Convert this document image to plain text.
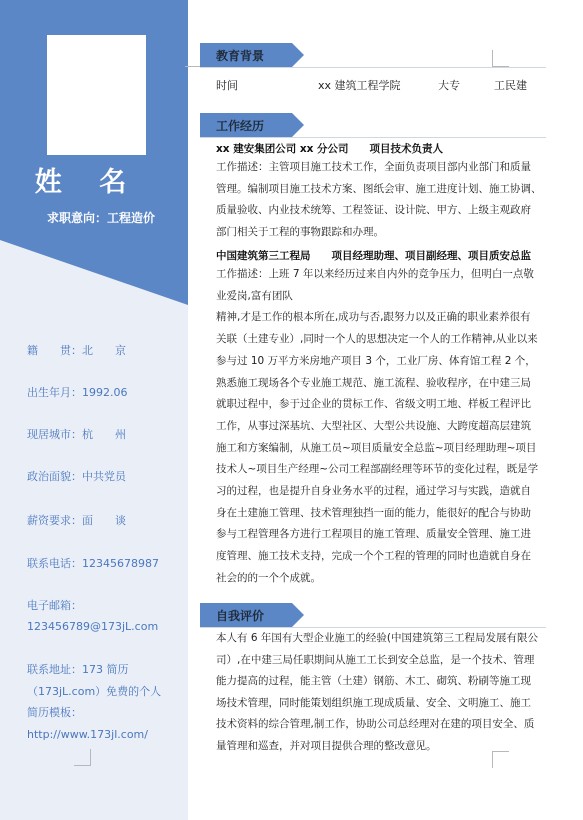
姓 名
求职意向：工程造价
籍　　贯：北　　京
出生年月：1992.06
现居城市：杭　　州
政治面貌：中共党员
薪资要求：面　　谈
联系电话：12345678987
电子邮箱：
123456789@173jL.com
联系地址：173 简历
（173jL.com）免费的个人
简历模板：
http://www.173jl.com/
教育背景
时间	xx 建筑工程学院	大专	工民建
工作经历
xx 建安集团公司 xx 分公司　　项目技术负责人
工作描述：主管项目施工技术工作，全面负责项目部内业部门和质量
管理。编制项目施工技术方案、图纸会审、施工进度计划、施工协调、
质量验收、内业技术统筹、工程签证、设计院、甲方、上级主观政府
部门相关于工程的事物跟踪和办理。
中国建筑第三工程局　　项目经理助理、项目副经理、项目质安总监
工作描述：上班 7 年以来经历过来自内外的竞争压力，但明白一点敬
业爱岗,富有团队
精神,才是工作的根本所在,成功与否,跟努力以及正确的职业素养很有
关联（土建专业）,同时一个人的思想决定一个人的工作精神,从业以来
参与过 10 万平方米房地产项目 3 个，工业厂房、体育馆工程 2 个，
熟悉施工现场各个专业施工规范、施工流程、验收程序，在中建三局
就职过程中，参于过企业的贯标工作、省级文明工地、样板工程评比
工作，从事过深基坑、大型社区、大型公共设施、大跨度超高层建筑
施工和方案编制，从施工员~项目质量安全总监~项目经理助理~项目
技术人~项目生产经理~公司工程部副经理等环节的变化过程，既是学
习的过程，也是提升自身业务水平的过程，通过学习与实践，造就自
身在土建施工管理、技术管理独挡一面的能力，能很好的配合与协助
参与工程管理各方进行工程项目的施工管理、质量安全管理、施工进
度管理、施工技术支持，完成一个个工程的管理的同时也造就自身在
社会的的一个个成就。
自我评价
本人有 6 年国有大型企业施工的经验(中国建筑第三工程局发展有限公
司）,在中建三局任职期间从施工工长到安全总监，是一个技术、管理
能力提高的过程，能主管（土建）钢筋、木工、砌筑、粉刷等施工现
场技术管理，同时能策划组织施工现成质量、安全、文明施工、施工
技术资料的综合管理,制工作，协助公司总经理对在建的项目安全、质
量管理和巡查，并对项目提供合理的整改意见。
